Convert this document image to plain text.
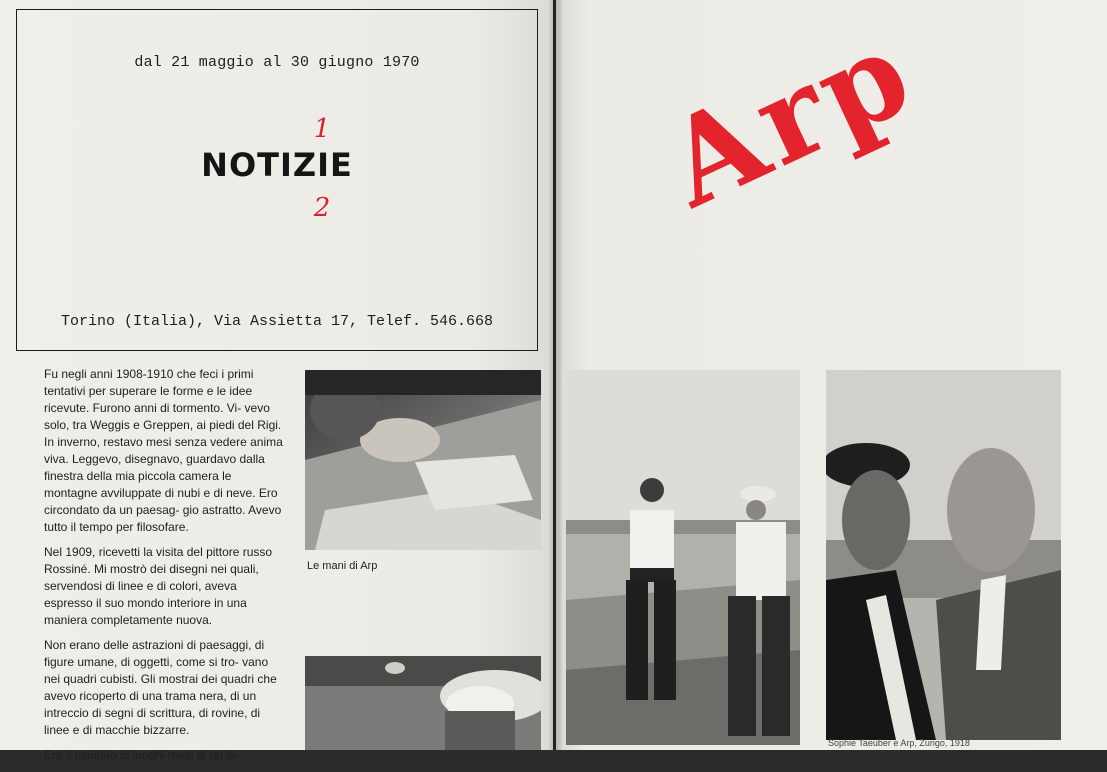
dal 21 maggio al 30 giugno 1970
1
NOTIZIE
2
Torino (Italia), Via Assietta 17, Telef. 546.668

Fu negli anni 1908-1910 che feci i primi tentativi per superare le forme e le idee ricevute. Furono anni di tormento. Vi- vevo solo, tra Weggis e Greppen, ai piedi del Rigi. In inverno, restavo mesi senza vedere anima viva. Leggevo, disegnavo, guardavo dalla finestra della mia piccola camera le montagne avviluppate di nubi e di neve. Ero circondato da un paesag- gio astratto. Avevo tutto il tempo per filosofare.

Nel 1909, ricevetti la visita del pittore russo Rossiné. Mi mostrò dei disegni nei quali, servendosi di linee e di colori, aveva espresso il suo mondo interiore in una maniera completamente nuova.

Non erano delle astrazioni di paesaggi, di figure umane, di oggetti, come si tro- vano nei quadri cubisti. Gli mostrai dei quadri che avevo ricoperto di una trama nera, di un intreccio di segni di scrittura, di rovine, di linee e di macchie bizzarre.

Era il risultato di lunghi mesi di un la-

Le mani di Arp
Arp
Sophie Taeuber e Arp, Zurigo, 1918
